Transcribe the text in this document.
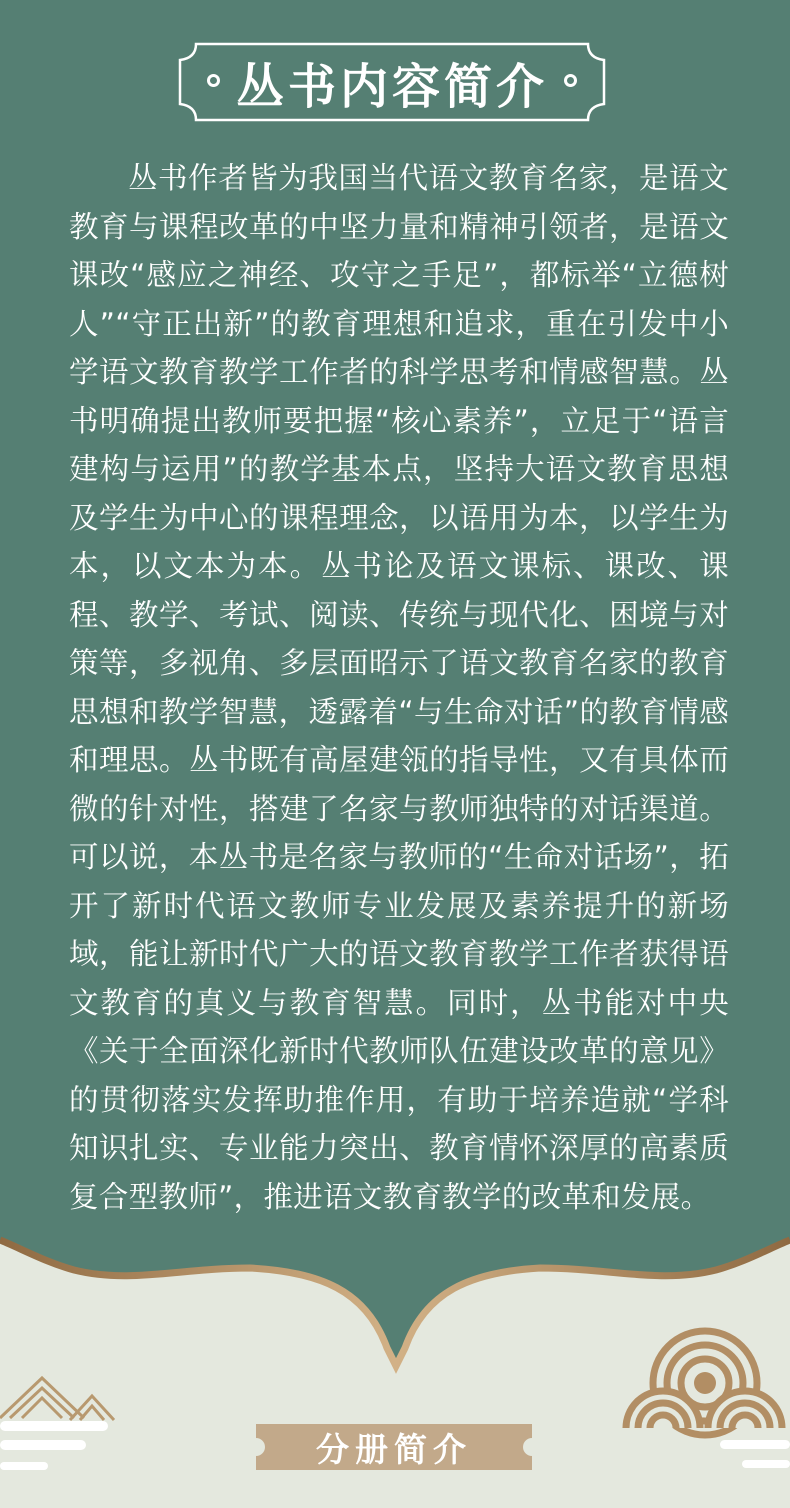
丛书内容简介

丛书作者皆为我国当代语文教育名家，是语文教育与课程改革的中坚力量和精神引领者，是语文课改“感应之神经、攻守之手足”，都标举“立德树人”“守正出新”的教育理想和追求，重在引发中小学语文教育教学工作者的科学思考和情感智慧。丛书明确提出教师要把握“核心素养”，立足于“语言建构与运用”的教学基本点，坚持大语文教育思想及学生为中心的课程理念，以语用为本，以学生为本，以文本为本。丛书论及语文课标、课改、课程、教学、考试、阅读、传统与现代化、困境与对策等，多视角、多层面昭示了语文教育名家的教育思想和教学智慧，透露着“与生命对话”的教育情感和理思。丛书既有高屋建瓴的指导性，又有具体而微的针对性，搭建了名家与教师独特的对话渠道。可以说，本丛书是名家与教师的“生命对话场”，拓开了新时代语文教师专业发展及素养提升的新场域，能让新时代广大的语文教育教学工作者获得语文教育的真义与教育智慧。同时，丛书能对中央《关于全面深化新时代教师队伍建设改革的意见》的贯彻落实发挥助推作用，有助于培养造就“学科知识扎实、专业能力突出、教育情怀深厚的高素质复合型教师”，推进语文教育教学的改革和发展。

分册简介
